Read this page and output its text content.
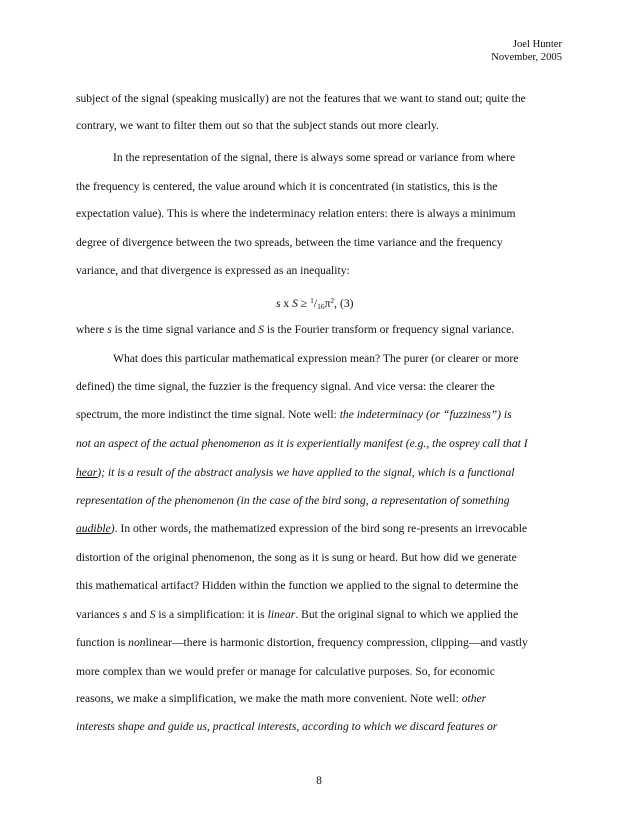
Joel Hunter
November, 2005
subject of the signal (speaking musically) are not the features that we want to stand out; quite the
contrary, we want to filter them out so that the subject stands out more clearly.
In the representation of the signal, there is always some spread or variance from where
the frequency is centered, the value around which it is concentrated (in statistics, this is the
expectation value). This is where the indeterminacy relation enters: there is always a minimum
degree of divergence between the two spreads, between the time variance and the frequency
variance, and that divergence is expressed as an inequality:
s x $S \ge ^1/_{16}\pi^2$, (3)
where s is the time signal variance and S is the Fourier transform or frequency signal variance.
What does this particular mathematical expression mean? The purer (or clearer or more
defined) the time signal, the fuzzier is the frequency signal. And vice versa: the clearer the
spectrum, the more indistinct the time signal. Note well: the indeterminacy (or “fuzziness”) is
not an aspect of the actual phenomenon as it is experientially manifest (e.g., the osprey call that I
hear); it is a result of the abstract analysis we have applied to the signal, which is a functional
representation of the phenomenon (in the case of the bird song, a representation of something
audible). In other words, the mathematized expression of the bird song re-presents an irrevocable
distortion of the original phenomenon, the song as it is sung or heard. But how did we generate
this mathematical artifact? Hidden within the function we applied to the signal to determine the
variances s and S is a simplification: it is linear. But the original signal to which we applied the
function is nonlinear—there is harmonic distortion, frequency compression, clipping—and vastly
more complex than we would prefer or manage for calculative purposes. So, for economic
reasons, we make a simplification, we make the math more convenient. Note well: other
interests shape and guide us, practical interests, according to which we discard features or
8
